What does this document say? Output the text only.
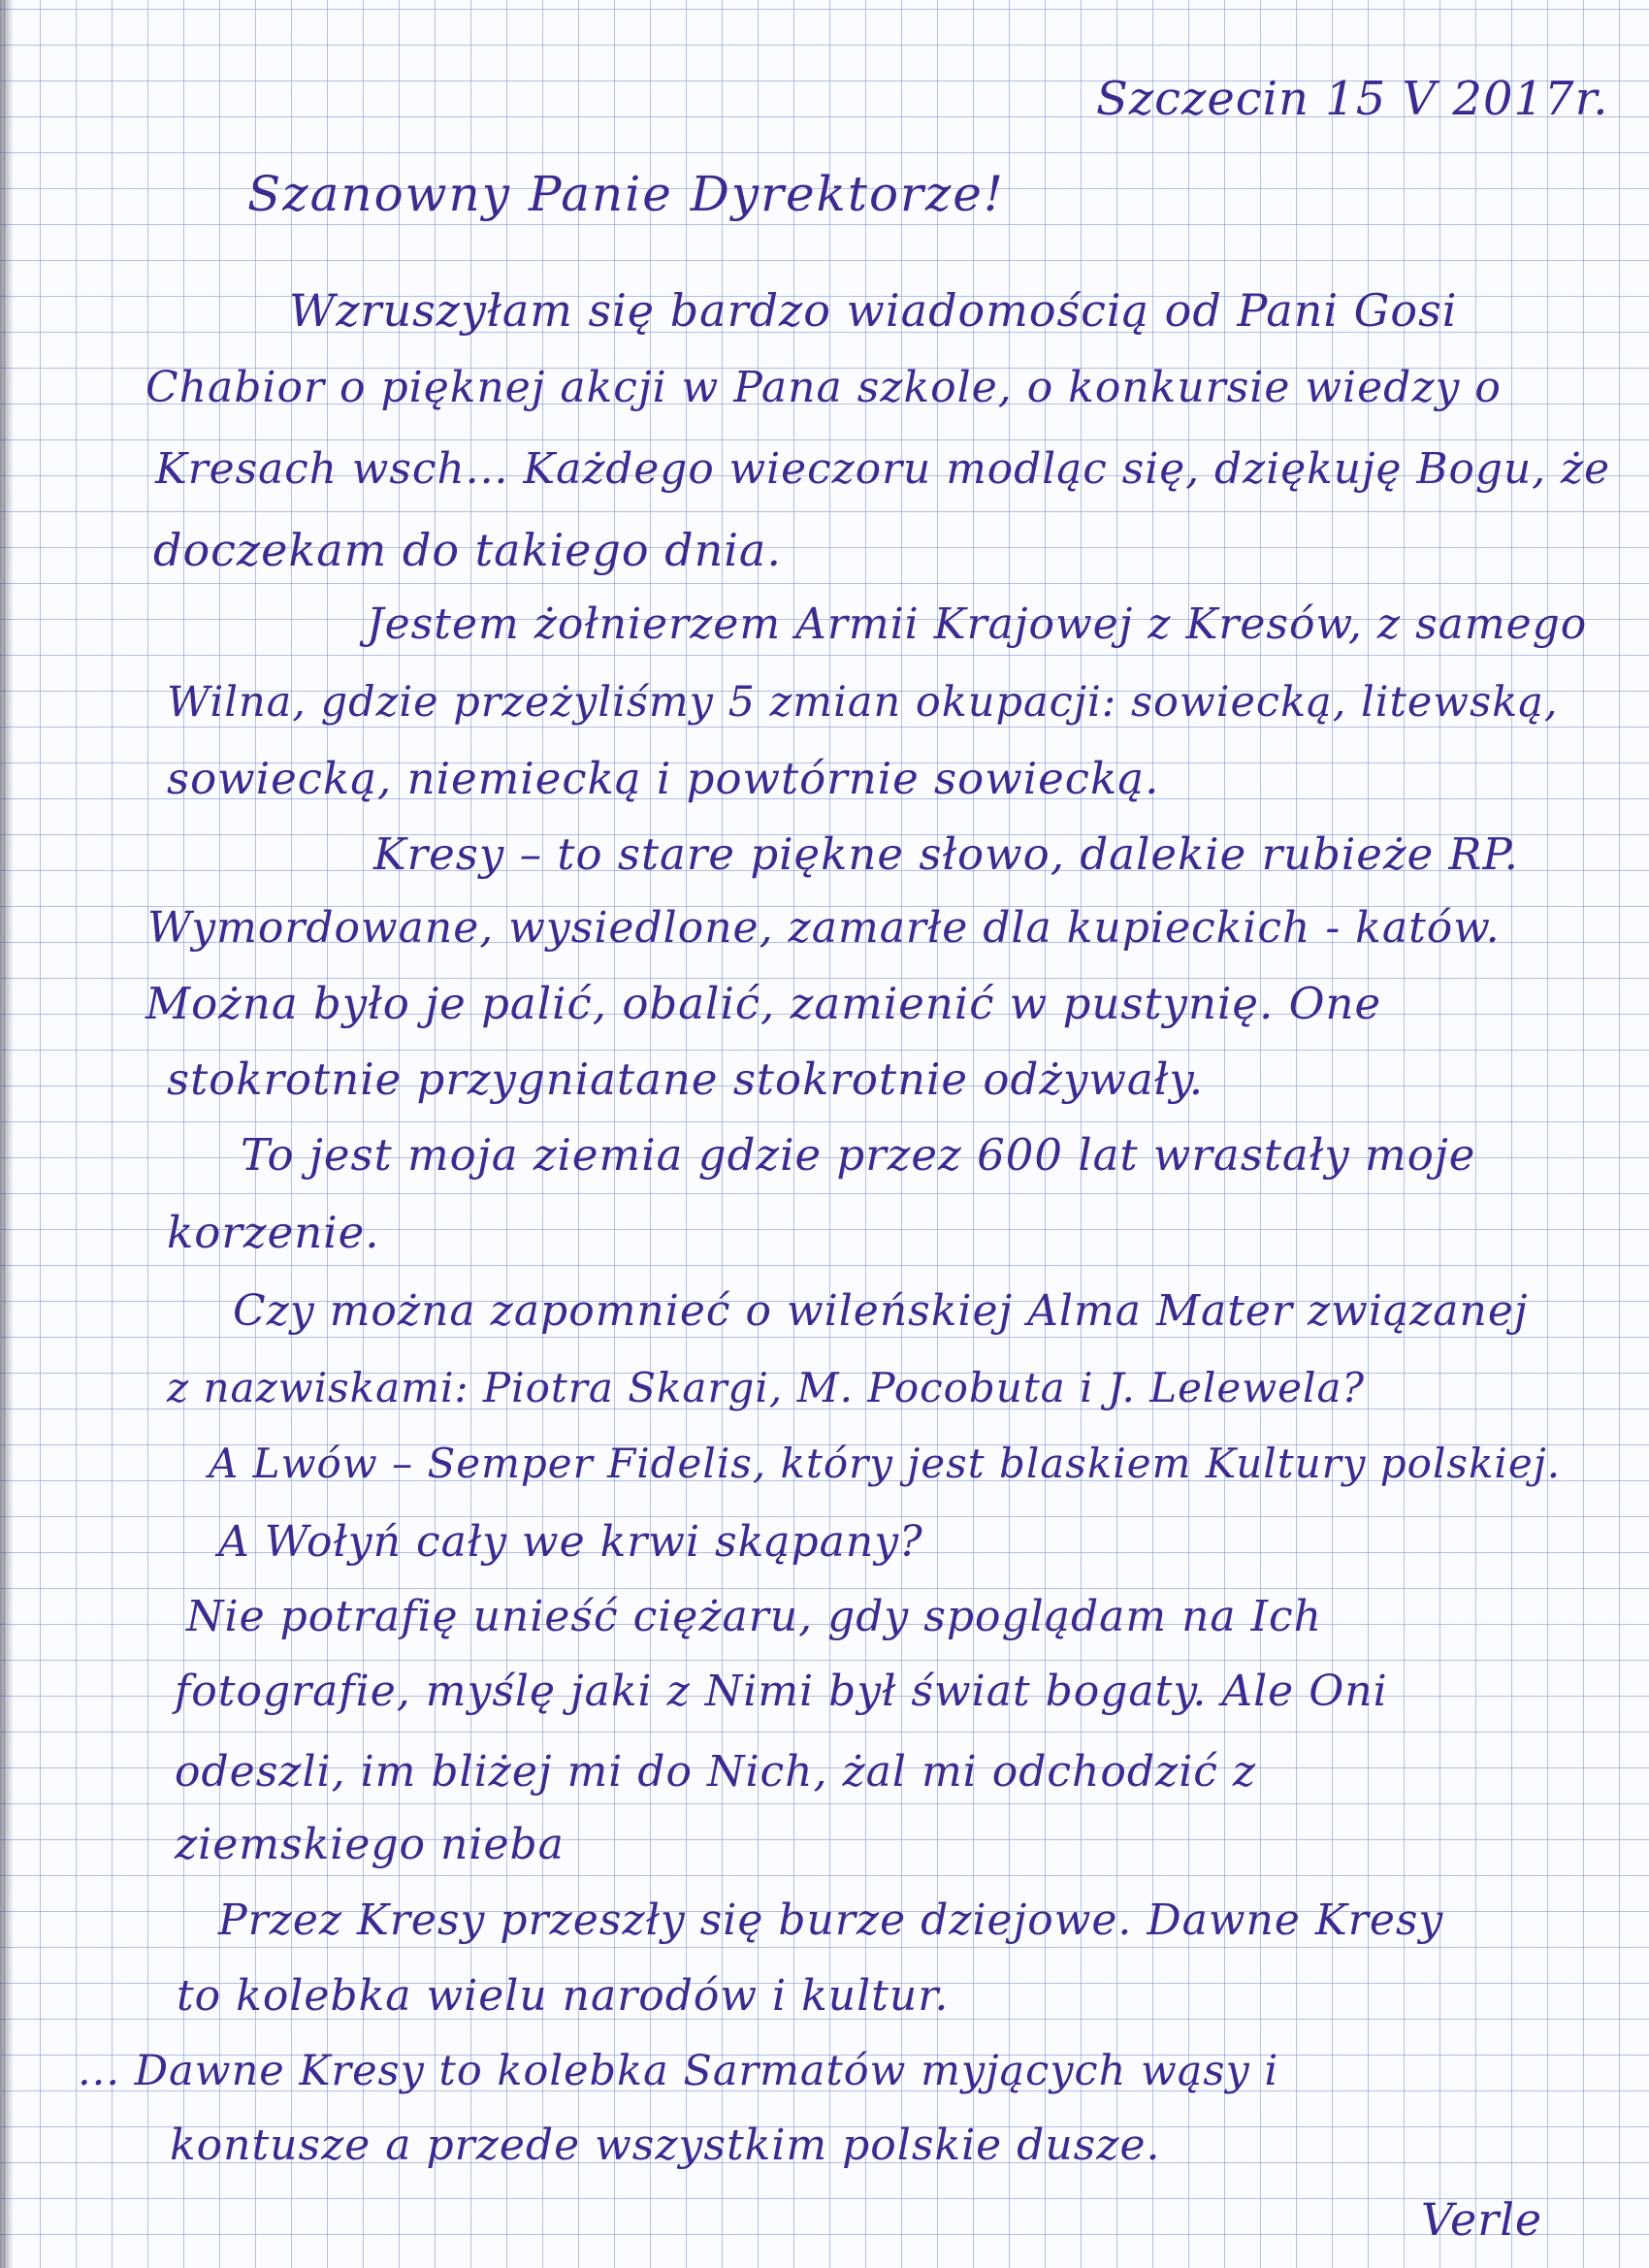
Szczecin 15 V 2017r.
Szanowny Panie Dyrektorze!
Wzruszyłam się bardzo wiadomością od Pani Gosi
Chabior o pięknej akcji w Pana szkole, o konkursie wiedzy o
Kresach wsch... Każdego wieczoru modląc się, dziękuję Bogu, że
doczekam do takiego dnia.
Jestem żołnierzem Armii Krajowej z Kresów, z samego
Wilna, gdzie przeżyliśmy 5 zmian okupacji: sowiecką, litewską,
sowiecką, niemiecką i powtórnie sowiecką.
Kresy – to stare piękne słowo, dalekie rubieże RP.
Wymordowane, wysiedlone, zamarłe dla kupieckich - katów.
Można było je palić, obalić, zamienić w pustynię. One
stokrotnie przygniatane stokrotnie odżywały.
To jest moja ziemia gdzie przez 600 lat wrastały moje
korzenie.
Czy można zapomnieć o wileńskiej Alma Mater związanej
z nazwiskami: Piotra Skargi, M. Pocobuta i J. Lelewela?
A Lwów – Semper Fidelis, który jest blaskiem Kultury polskiej.
A Wołyń cały we krwi skąpany?
Nie potrafię unieść ciężaru, gdy spoglądam na Ich
fotografie, myślę jaki z Nimi był świat bogaty. Ale Oni
odeszli, im bliżej mi do Nich, żal mi odchodzić z
ziemskiego nieba
Przez Kresy przeszły się burze dziejowe. Dawne Kresy
to kolebka wielu narodów i kultur.
... Dawne Kresy to kolebka Sarmatów myjących wąsy i
kontusze a przede wszystkim polskie dusze.
Verle
